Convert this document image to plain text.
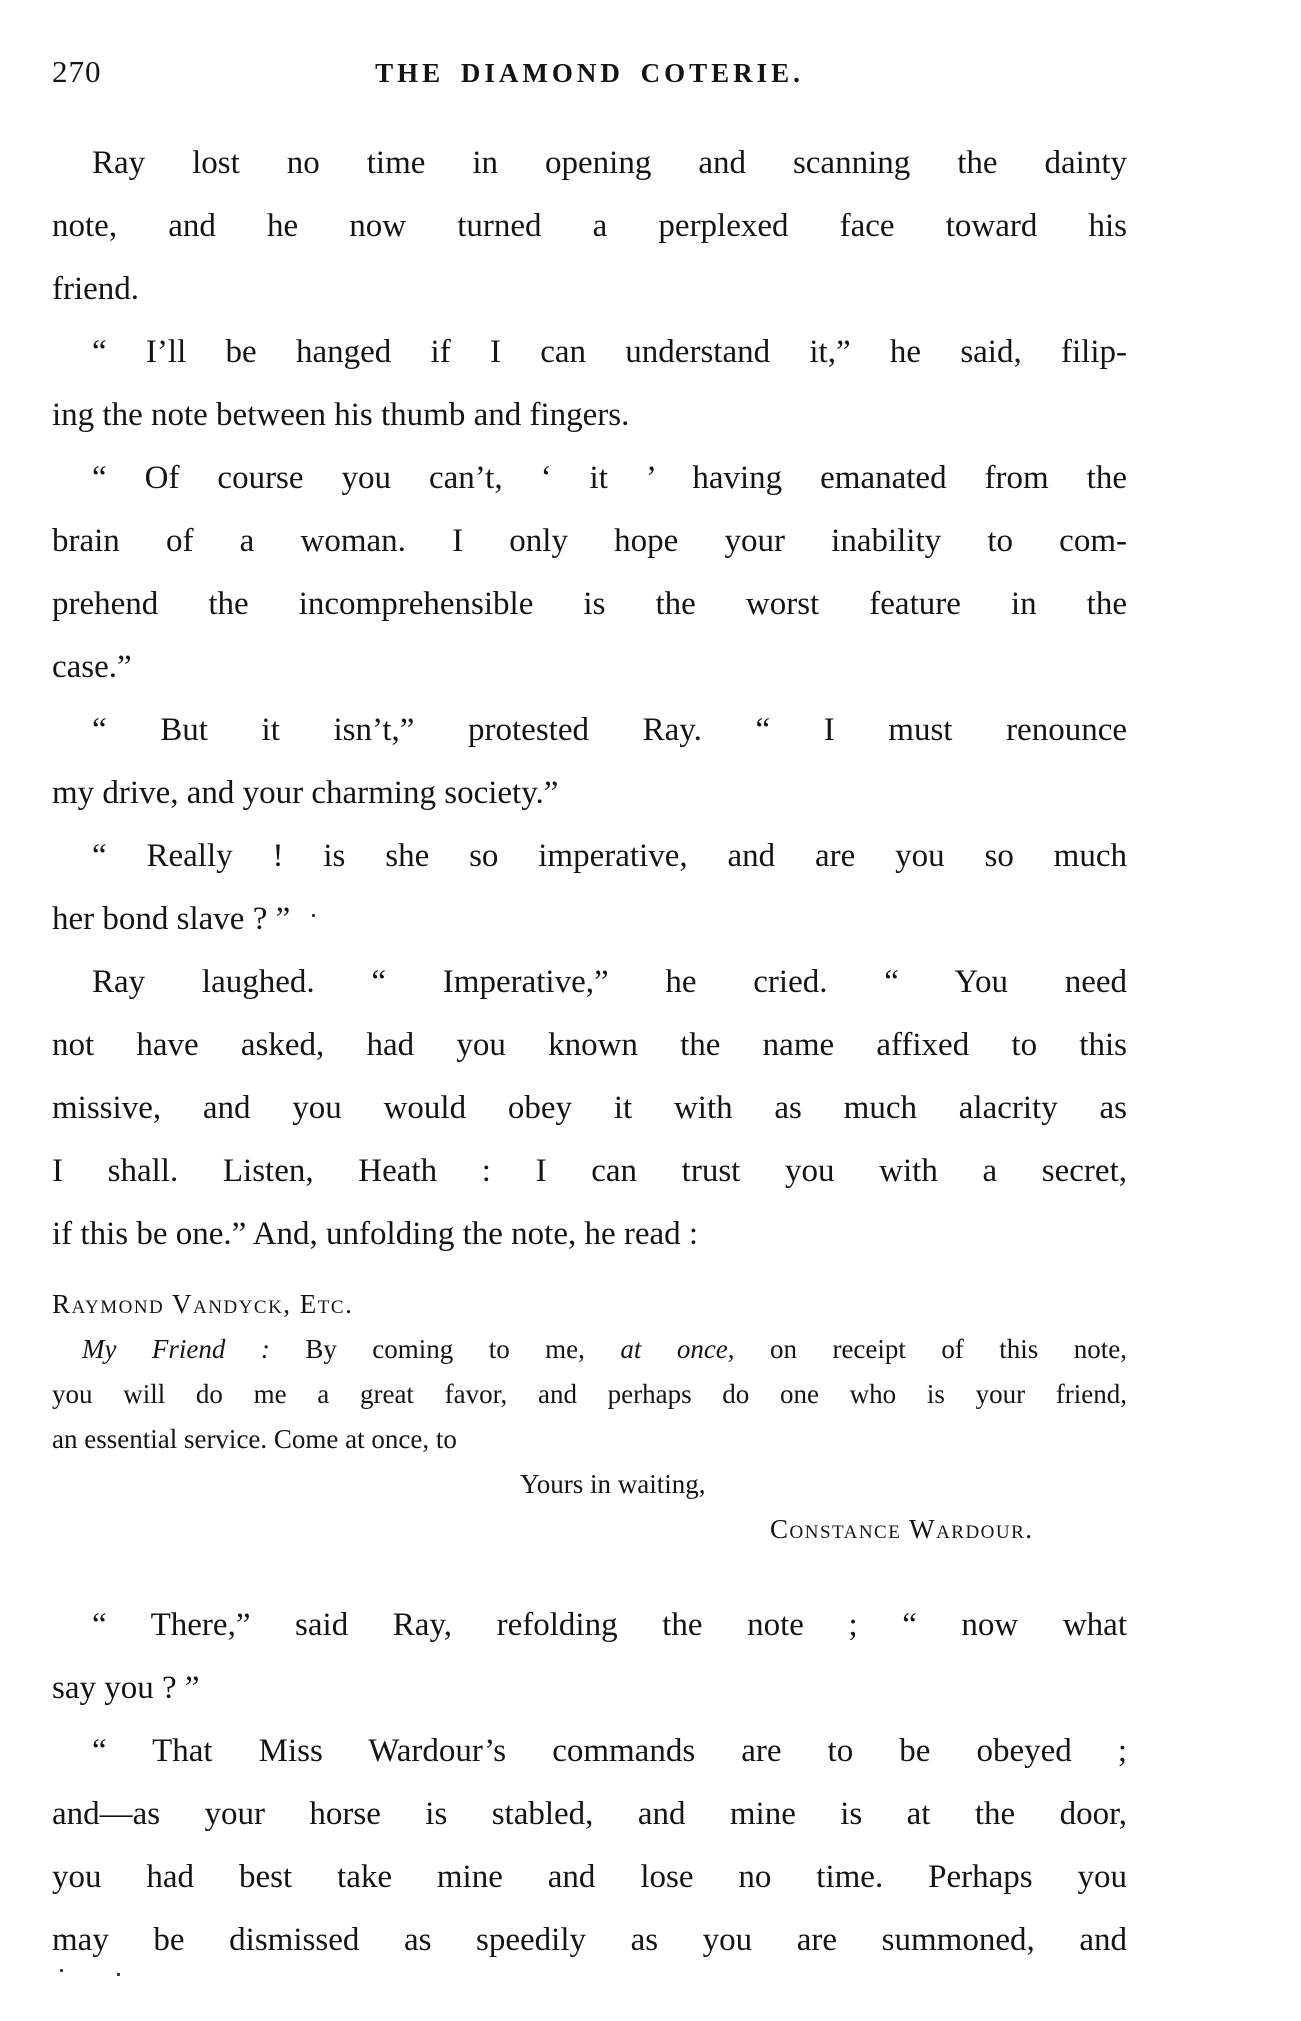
270	THE DIAMOND COTERIE.
Ray lost no time in opening and scanning the dainty
note, and he now turned a perplexed face toward his
friend.
“ I’ll be hanged if I can understand it,” he said, filip-
ing the note between his thumb and fingers.
“ Of course you can’t, ‘ it ’ having emanated from the
brain of a woman. I only hope your inability to com-
prehend the incomprehensible is the worst feature in the
case.”
“ But it isn’t,” protested Ray. “ I must renounce
my drive, and your charming society.”
“ Really ! is she so imperative, and are you so much
her bond slave ? ”
Ray laughed. “ Imperative,” he cried. “ You need
not have asked, had you known the name affixed to this
missive, and you would obey it with as much alacrity as
I shall. Listen, Heath : I can trust you with a secret,
if this be one.” And, unfolding the note, he read :
Raymond Vandyck, Etc.
My Friend : By coming to me, at once, on receipt of this note,
you will do me a great favor, and perhaps do one who is your friend,
an essential service. Come at once, to
Yours in waiting,
Constance Wardour.
“ There,” said Ray, refolding the note ; “ now what
say you ? ”
“ That Miss Wardour’s commands are to be obeyed ;
and—as your horse is stabled, and mine is at the door,
you had best take mine and lose no time. Perhaps you
may be dismissed as speedily as you are summoned, and
